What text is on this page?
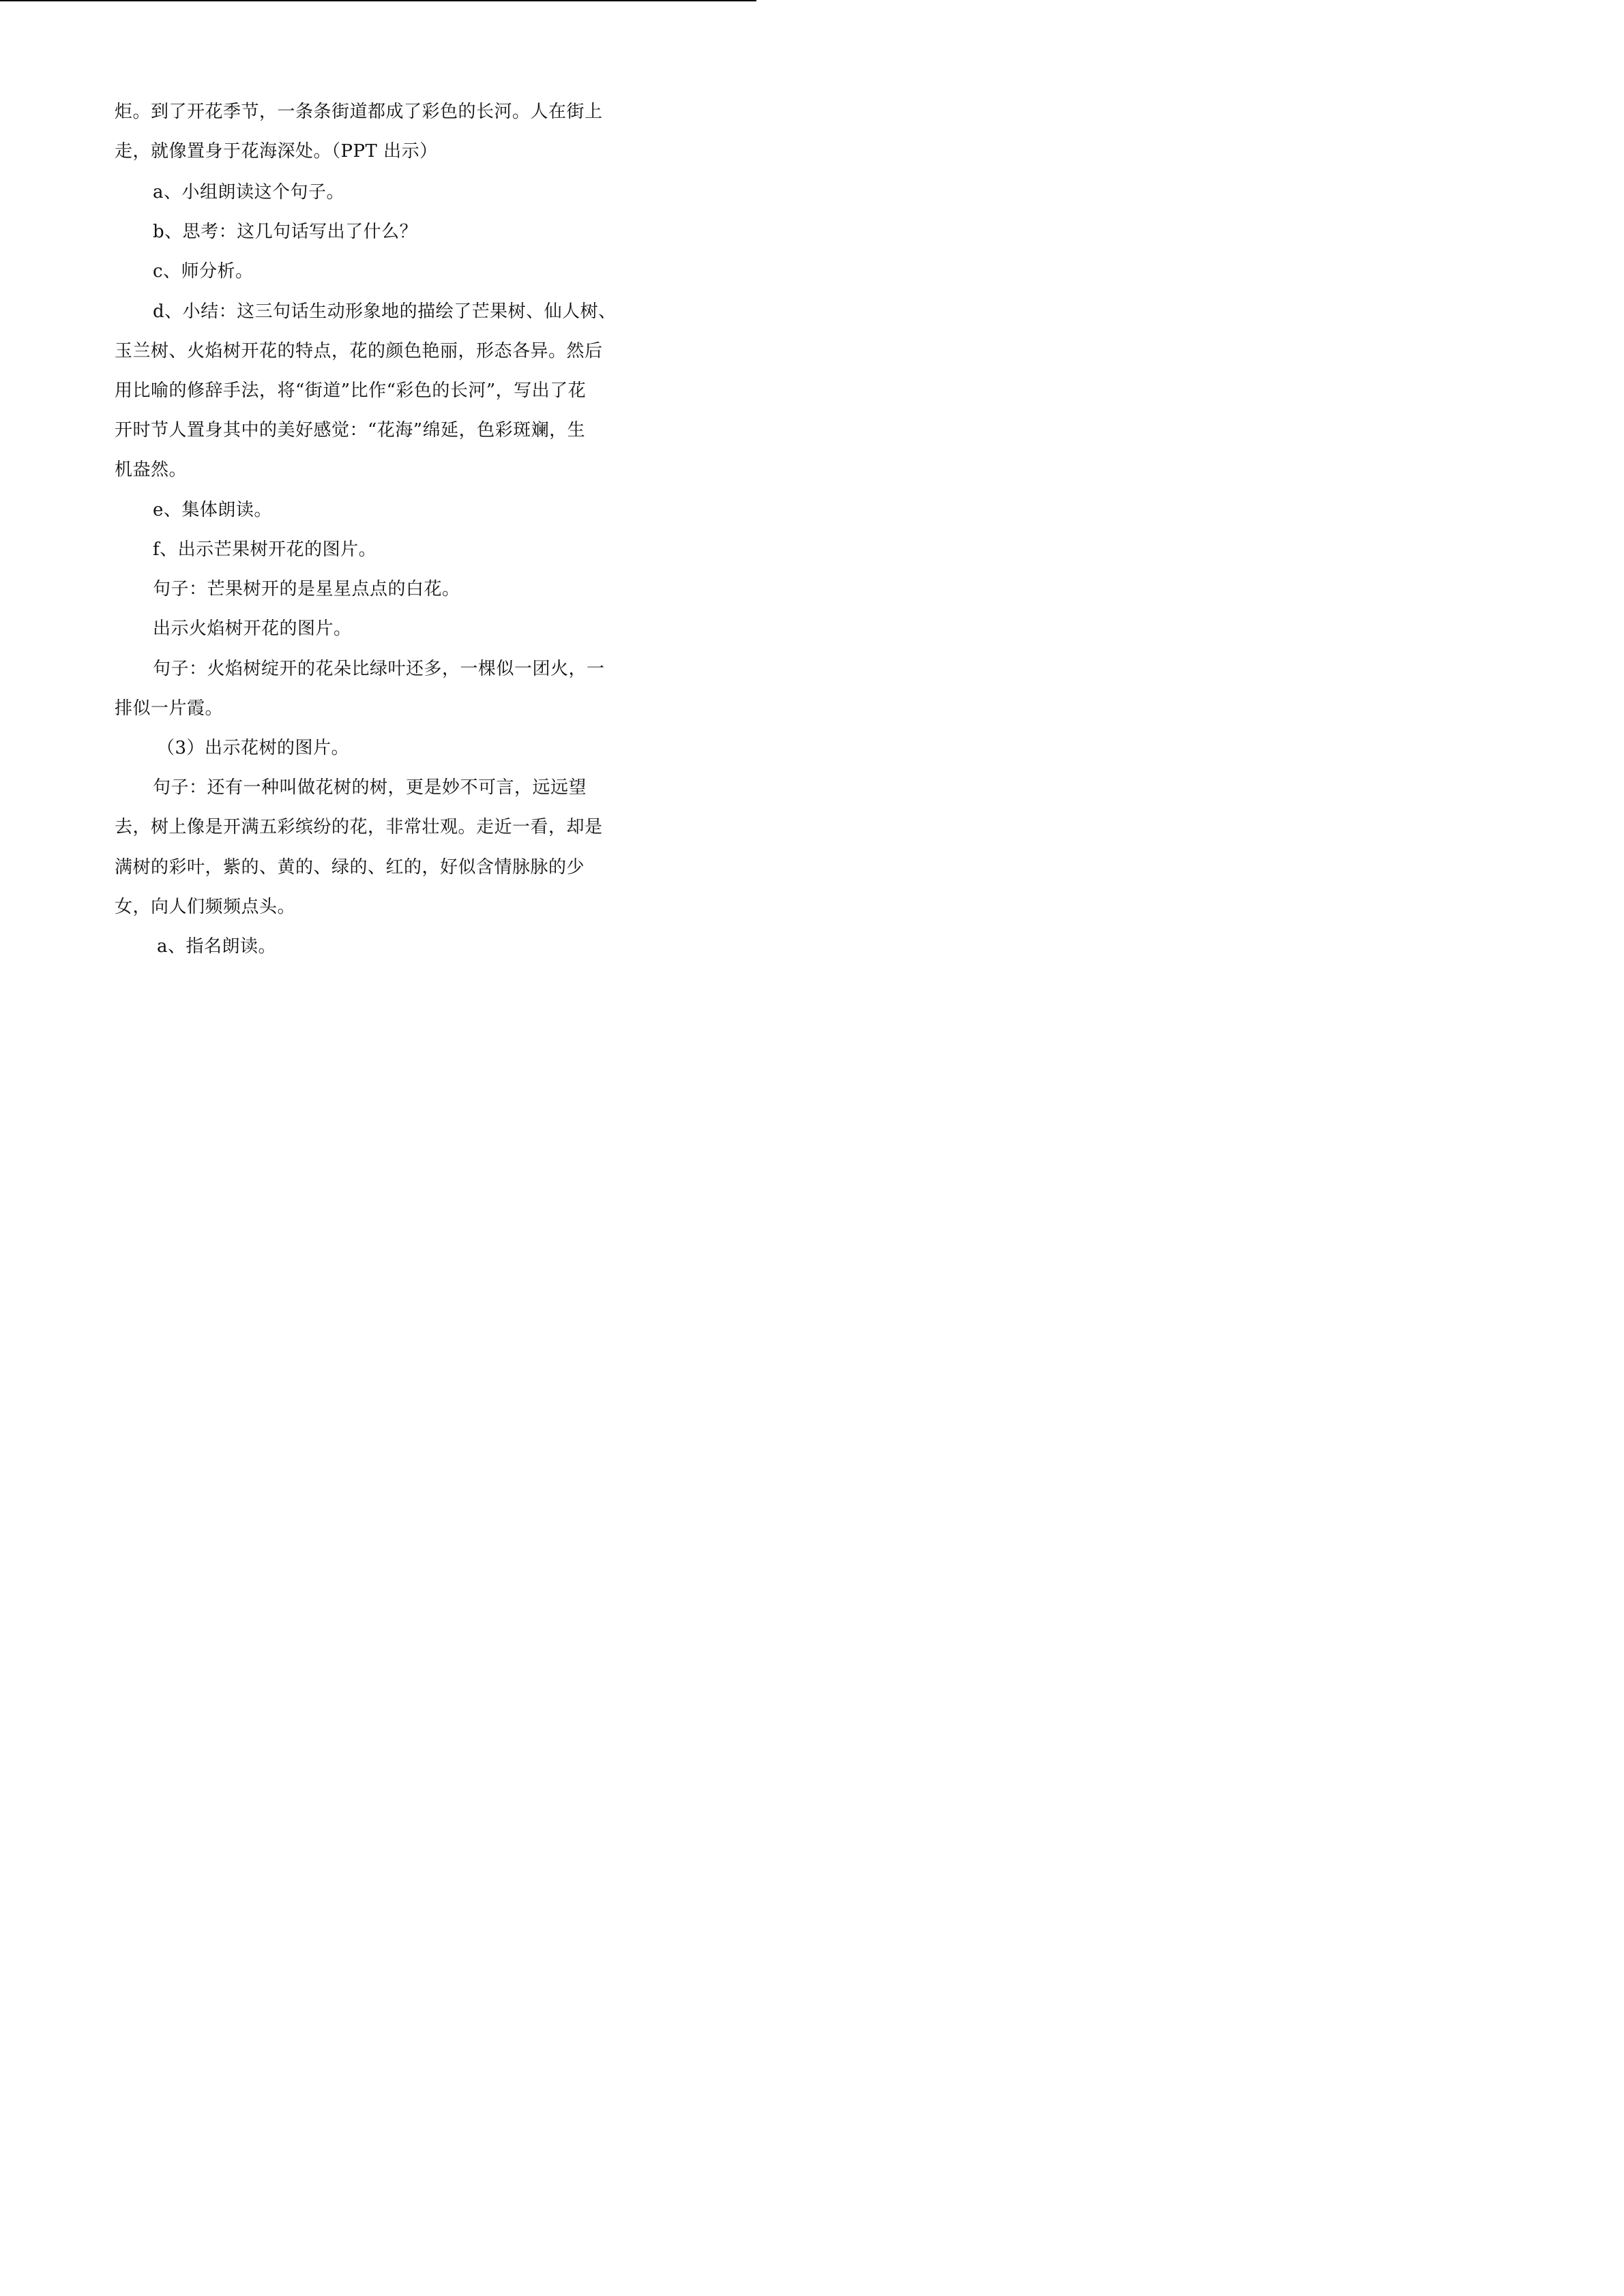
炬。到了开花季节，一条条街道都成了彩色的长河。人在街上
走，就像置身于花海深处。（PPT 出示）
a、小组朗读这个句子。
b、思考：这几句话写出了什么？
c、师分析。
d、小结：这三句话生动形象地的描绘了芒果树、仙人树、
玉兰树、火焰树开花的特点，花的颜色艳丽，形态各异。然后
用比喻的修辞手法，将“街道”比作“彩色的长河”，写出了花
开时节人置身其中的美好感觉：“花海”绵延，色彩斑斓，生
机盎然。
e、集体朗读。
f、出示芒果树开花的图片。
句子：芒果树开的是星星点点的白花。
出示火焰树开花的图片。
句子：火焰树绽开的花朵比绿叶还多，一棵似一团火，一
排似一片霞。
（3）出示花树的图片。
句子：还有一种叫做花树的树，更是妙不可言，远远望
去，树上像是开满五彩缤纷的花，非常壮观。走近一看，却是
满树的彩叶，紫的、黄的、绿的、红的，好似含情脉脉的少
女，向人们频频点头。
a、指名朗读。
